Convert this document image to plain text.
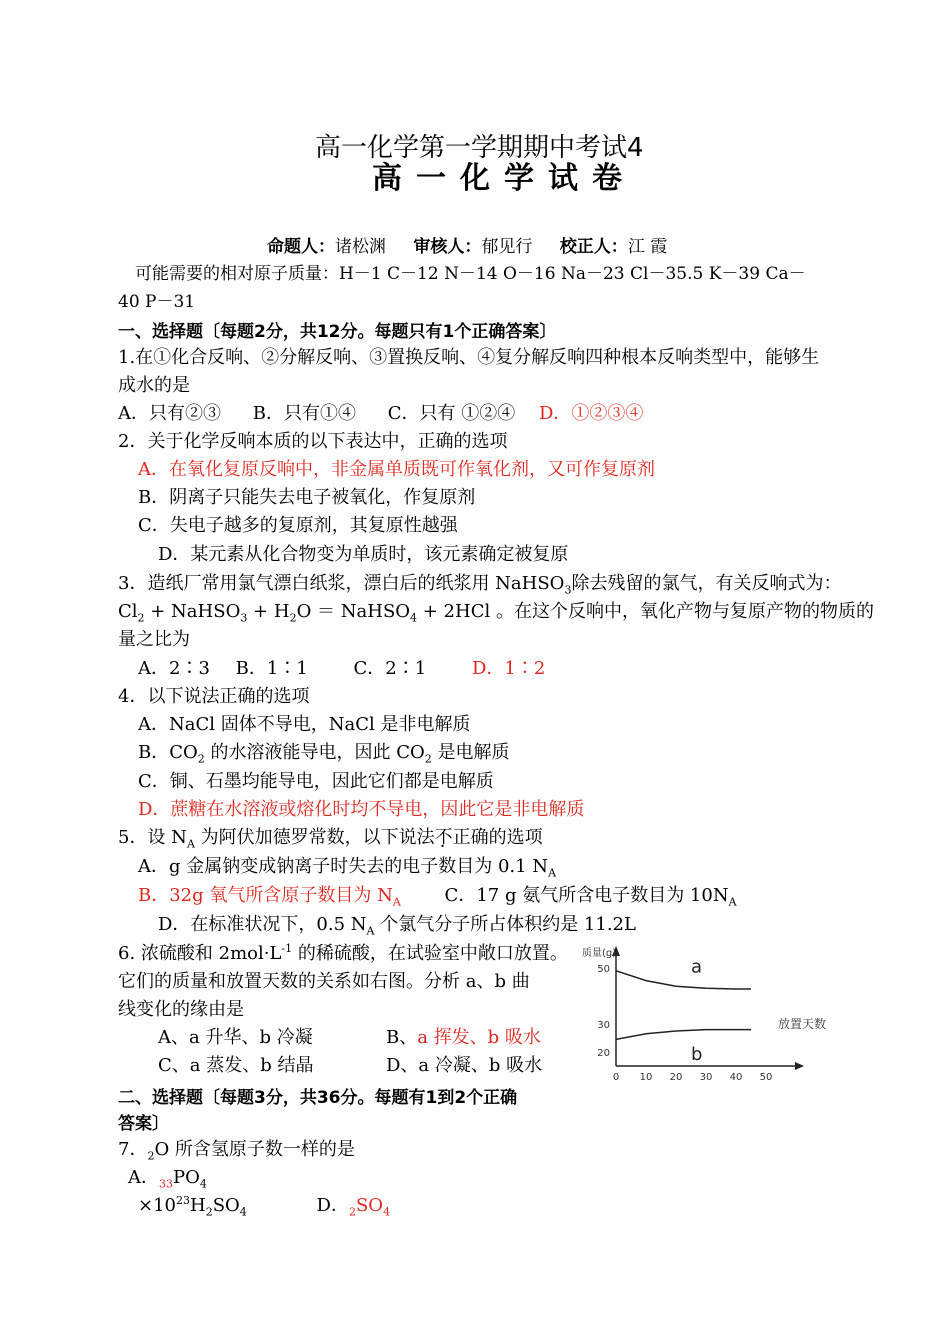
高一化学第一学期期中考试4
高一化学试卷
命题人：诸松渊 审核人：郁见行 校正人：江 霞
可能需要的相对原子质量：H－1 C－12 N－14 O－16 Na－23 Cl－35.5 K－39 Ca－
40 P－31
一、选择题〔每题2分，共12分。每题只有1个正确答案〕
1.在①化合反响、②分解反响、③置换反响、④复分解反响四种根本反响类型中，能够生
成水的是
A．只有②③ B．只有①④ C．只有 ①②④ D．①②③④
2．关于化学反响本质的以下表达中，正确的选项
A．在氧化复原反响中，非金属单质既可作氧化剂，又可作复原剂
B．阴离子只能失去电子被氧化，作复原剂
C．失电子越多的复原剂，其复原性越强
D．某元素从化合物变为单质时，该元素确定被复原
3．造纸厂常用氯气漂白纸浆，漂白后的纸浆用 NaHSO$_3$除去残留的氯气，有关反响式为：
$Cl_2$ + NaHSO$_3$ + $H_2O$ ＝ NaHSO$_4$ + 2HCl 。在这个反响中，氧化产物与复原产物的物质的
量之比为
A．2∶3 B．1∶1	C．2∶1	D．1∶2
4．以下说法正确的选项
A．NaCl 固体不导电，NaCl 是非电解质
B．$CO_2$ 的水溶液能导电，因此 $CO_2$ 是电解质
C．铜、石墨均能导电，因此它们都是电解质
D．蔗糖在水溶液或熔化时均不导电，因此它是非电解质
5．设 $N_A$ 为阿伏加德罗常数，以下说法不正确的选项
A．g 金属钠变成钠离子时失去的电子数目为 0.1 $N_A$
B．32g 氧气所含原子数目为 $N_A$ C．17 g 氨气所含电子数目为 $10N_A$
D．在标准状况下，0.5 $N_A$ 个氯气分子所占体积约是 11.2L
6. 浓硫酸和 $2mol\cdot L^{-1}$ 的稀硫酸，在试验室中敞口放置。
它们的质量和放置天数的关系如右图。分析 a、b 曲
线变化的缘由是
A、a 升华、b 冷凝	B、a 挥发、b 吸水
C、a 蒸发、b 结晶	D、a 冷凝、b 吸水
质量(g)
放置天数
0 10 20 30 40 50
20
30
50	a
b
二、选择题〔每题3分，共36分。每题有1到2个正确
答案〕
7．$_2$O 所含氢原子数一样的是
A．$_{33}PO_4$
$\times 10^{23}H_2SO_4$	D．$_2SO_4$
